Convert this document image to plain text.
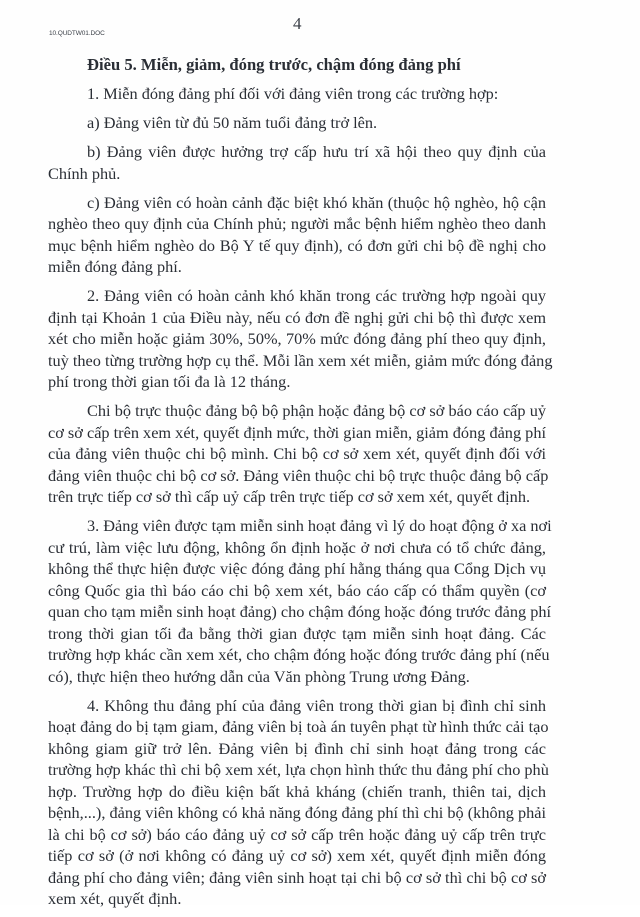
10.QUDTW01.DOC
4
Điều 5. Miễn, giảm, đóng trước, chậm đóng đảng phí
1. Miễn đóng đảng phí đối với đảng viên trong các trường hợp:
a) Đảng viên từ đủ 50 năm tuổi đảng trở lên.
b) Đảng viên được hưởng trợ cấp hưu trí xã hội theo quy định của
Chính phủ.
c) Đảng viên có hoàn cảnh đặc biệt khó khăn (thuộc hộ nghèo, hộ cận
nghèo theo quy định của Chính phủ; người mắc bệnh hiểm nghèo theo danh
mục bệnh hiểm nghèo do Bộ Y tế quy định), có đơn gửi chi bộ đề nghị cho
miễn đóng đảng phí.
2. Đảng viên có hoàn cảnh khó khăn trong các trường hợp ngoài quy
định tại Khoản 1 của Điều này, nếu có đơn đề nghị gửi chi bộ thì được xem
xét cho miễn hoặc giảm 30%, 50%, 70% mức đóng đảng phí theo quy định,
tuỳ theo từng trường hợp cụ thể. Mỗi lần xem xét miễn, giảm mức đóng đảng
phí trong thời gian tối đa là 12 tháng.
Chi bộ trực thuộc đảng bộ bộ phận hoặc đảng bộ cơ sở báo cáo cấp uỷ
cơ sở cấp trên xem xét, quyết định mức, thời gian miễn, giảm đóng đảng phí
của đảng viên thuộc chi bộ mình. Chi bộ cơ sở xem xét, quyết định đối với
đảng viên thuộc chi bộ cơ sở. Đảng viên thuộc chi bộ trực thuộc đảng bộ cấp
trên trực tiếp cơ sở thì cấp uỷ cấp trên trực tiếp cơ sở xem xét, quyết định.
3. Đảng viên được tạm miễn sinh hoạt đảng vì lý do hoạt động ở xa nơi
cư trú, làm việc lưu động, không ổn định hoặc ở nơi chưa có tổ chức đảng,
không thể thực hiện được việc đóng đảng phí hằng tháng qua Cổng Dịch vụ
công Quốc gia thì báo cáo chi bộ xem xét, báo cáo cấp có thẩm quyền (cơ
quan cho tạm miễn sinh hoạt đảng) cho chậm đóng hoặc đóng trước đảng phí
trong thời gian tối đa bằng thời gian được tạm miễn sinh hoạt đảng. Các
trường hợp khác cần xem xét, cho chậm đóng hoặc đóng trước đảng phí (nếu
có), thực hiện theo hướng dẫn của Văn phòng Trung ương Đảng.
4. Không thu đảng phí của đảng viên trong thời gian bị đình chỉ sinh
hoạt đảng do bị tạm giam, đảng viên bị toà án tuyên phạt từ hình thức cải tạo
không giam giữ trở lên. Đảng viên bị đình chỉ sinh hoạt đảng trong các
trường hợp khác thì chi bộ xem xét, lựa chọn hình thức thu đảng phí cho phù
hợp. Trường hợp do điều kiện bất khả kháng (chiến tranh, thiên tai, dịch
bệnh,...), đảng viên không có khả năng đóng đảng phí thì chi bộ (không phải
là chi bộ cơ sở) báo cáo đảng uỷ cơ sở cấp trên hoặc đảng uỷ cấp trên trực
tiếp cơ sở (ở nơi không có đảng uỷ cơ sở) xem xét, quyết định miễn đóng
đảng phí cho đảng viên; đảng viên sinh hoạt tại chi bộ cơ sở thì chi bộ cơ sở
xem xét, quyết định.
